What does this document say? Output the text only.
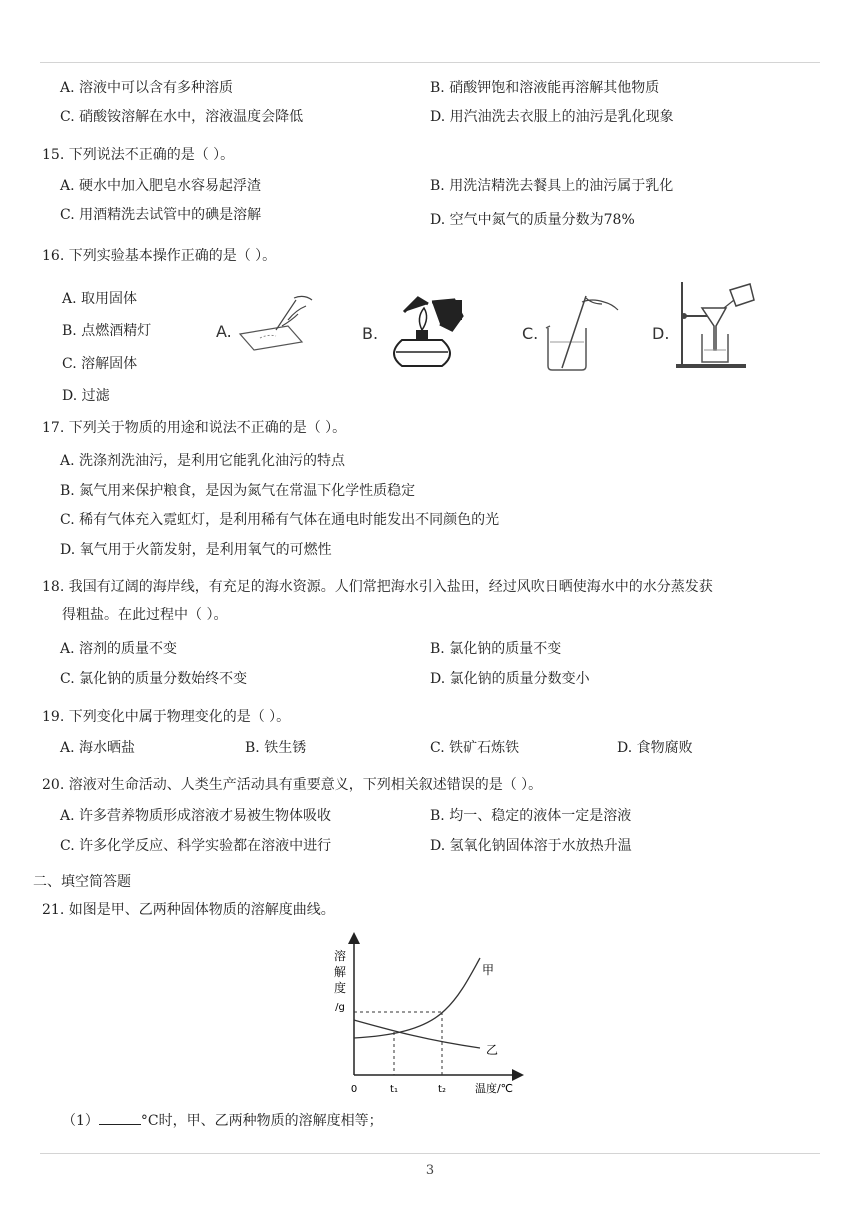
A. 溶液中可以含有多种溶质	B. 硝酸钾饱和溶液能再溶解其他物质
C. 硝酸铵溶解在水中，溶液温度会降低	D. 用汽油洗去衣服上的油污是乳化现象
15. 下列说法不正确的是（ ）。
A. 硬水中加入肥皂水容易起浮渣	B. 用洗洁精洗去餐具上的油污属于乳化
C. 用酒精洗去试管中的碘是溶解	D. 空气中氮气的质量分数为78%
16. 下列实验基本操作正确的是（ ）。
A. 取用固体
B. 点燃酒精灯
C. 溶解固体
D. 过滤
A.	B.	C.	D.
17. 下列关于物质的用途和说法不正确的是（ ）。
A. 洗涤剂洗油污，是利用它能乳化油污的特点
B. 氮气用来保护粮食，是因为氮气在常温下化学性质稳定
C. 稀有气体充入霓虹灯，是利用稀有气体在通电时能发出不同颜色的光
D. 氧气用于火箭发射，是利用氧气的可燃性
18. 我国有辽阔的海岸线，有充足的海水资源。人们常把海水引入盐田，经过风吹日晒使海水中的水分蒸发获
得粗盐。在此过程中（ ）。
A. 溶剂的质量不变	B. 氯化钠的质量不变
C. 氯化钠的质量分数始终不变	D. 氯化钠的质量分数变小
19. 下列变化中属于物理变化的是（ ）。
A. 海水晒盐	B. 铁生锈	C. 铁矿石炼铁	D. 食物腐败
20. 溶液对生命活动、人类生产活动具有重要意义，下列相关叙述错误的是（ ）。
A. 许多营养物质形成溶液才易被生物体吸收	B. 均一、稳定的液体一定是溶液
C. 许多化学反应、科学实验都在溶液中进行	D. 氢氧化钠固体溶于水放热升温
二、填空简答题
21. 如图是甲、乙两种固体物质的溶解度曲线。
溶
解
度
/g
甲
乙
0	t₁	t₂	温度/℃
（1）	°C时，甲、乙两种物质的溶解度相等；
3
